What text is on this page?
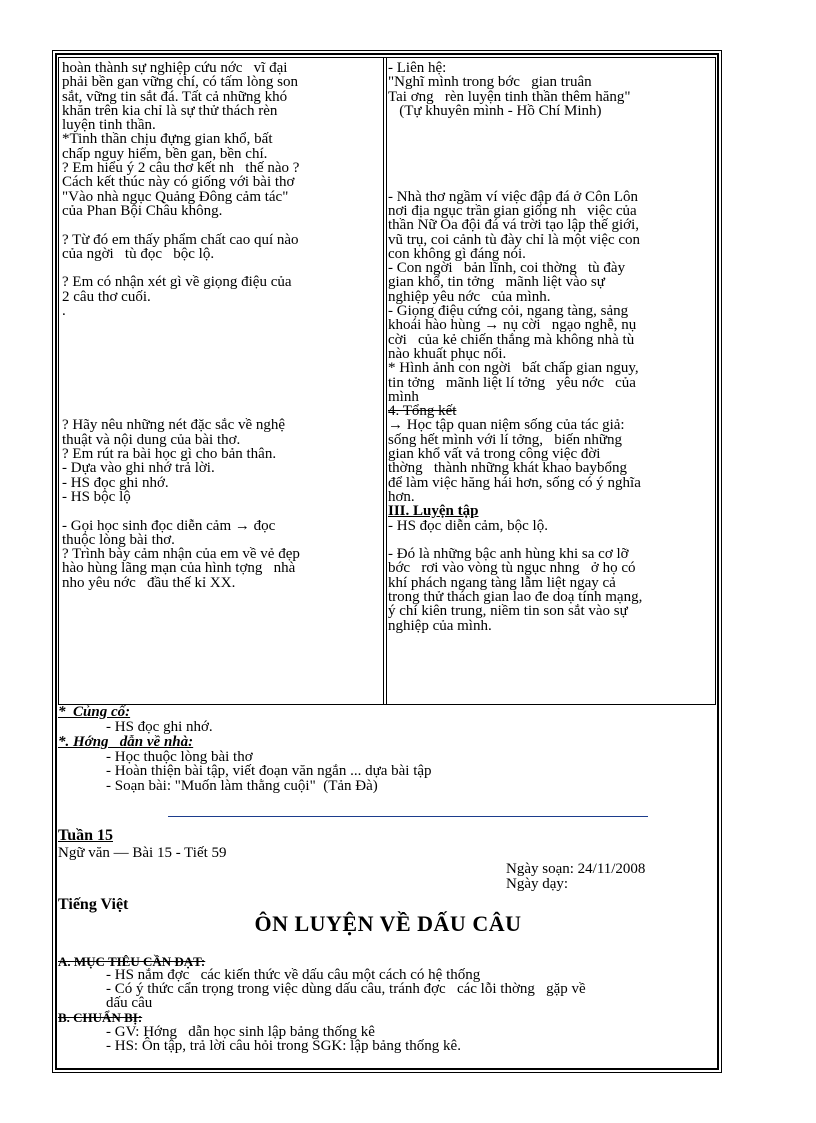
hoàn thành sự nghiệp cứu nớc   vĩ đại
phải bền gan vững chí, có tấm lòng son
sắt, vững tin sắt đá. Tất cả những khó
khăn trên kia chỉ là sự thử thách rèn
luyện tinh thần.
*Tinh thần chịu đựng gian khổ, bất
chấp nguy hiểm, bền gan, bền chí.
? Em hiểu ý 2 câu thơ kết nh   thế nào ?
Cách kết thúc này có giống với bài thơ
"Vào nhà ngục Quảng Đông cảm tác"
của Phan Bội Châu không.
? Từ đó em thấy phẩm chất cao quí nào
của ngời   tù đọc   bộc lộ.
? Em có nhận xét gì về giọng điệu của
2 câu thơ cuối.
.
? Hãy nêu những nét đặc sắc về nghệ
thuật và nội dung của bài thơ.
? Em rút ra bài học gì cho bản thân.
- Dựa vào ghi nhớ trả lời.
- HS đọc ghi nhớ.
- HS bộc lộ
- Gọi học sinh đọc diễn cảm → đọc
thuộc lòng bài thơ.
? Trình bày cảm nhận của em về vẻ đẹp
hào hùng lãng mạn của hình tợng   nhà
nho yêu nớc   đầu thế kỉ XX.
- Liên hệ:
"Nghĩ mình trong bớc   gian truân
Tai ơng   rèn luyện tinh thần thêm hăng"
(Tự khuyên mình - Hồ Chí Minh)
- Nhà thơ ngầm ví việc đập đá ở Côn Lôn
nơi địa ngục trần gian giống nh   việc của
thần Nữ Oa đội đá vá trời tạo lập thế giới,
vũ trụ, coi cảnh tù đày chỉ là một việc con
con không gì đáng nói.
- Con ngời   bản lĩnh, coi thờng   tù đày
gian khổ, tin tởng   mãnh liệt vào sự
nghiệp yêu nớc   của mình.
- Giọng điệu cứng cỏi, ngang tàng, sảng
khoái hào hùng → nụ cời   ngạo nghễ, nụ
cời   của kẻ chiến thắng mà không nhà tù
nào khuất phục nổi.
* Hình ảnh con ngời   bất chấp gian nguy,
tin tởng   mãnh liệt lí tởng   yêu nớc   của
mình
4. Tổng kết
→ Học tập quan niệm sống của tác giả:
sống hết mình với lí tởng,   biến những
gian khổ vất vả trong công việc đời
thờng   thành những khát khao baybổng
để làm việc hăng hái hơn, sống có ý nghĩa
hơn.
III. Luyện tập
- HS đọc diễn cảm, bộc lộ.
- Đó là những bậc anh hùng khi sa cơ lỡ
bớc   rơi vào vòng tù ngục nhng   ở họ có
khí phách ngang tàng lẫm liệt ngay cả
trong thử thách gian lao đe doạ tính mạng,
ý chí kiên trung, niềm tin son sắt vào sự
nghiệp của mình.
*  Củng cố:
- HS đọc ghi nhớ.
*. Hớng   dẫn về nhà:
- Học thuộc lòng bài thơ
- Hoàn thiện bài tập, viết đoạn văn ngắn ... dựa bài tập
- Soạn bài: "Muốn làm thằng cuội"  (Tản Đà)
Tuần 15
Ngữ văn — Bài 15 - Tiết 59
Ngày soạn: 24/11/2008
Ngày dạy:
Tiếng Việt
ÔN LUYỆN VỀ DẤU CÂU
A. MỤC TIÊU CẦN ĐẠT:
- HS nắm đợc   các kiến thức về dấu câu một cách có hệ thống
- Có ý thức cẩn trọng trong việc dùng dấu câu, tránh đợc   các lỗi thờng   gặp về
dấu câu
B. CHUẨN BỊ:
- GV: Hớng   dẫn học sinh lập bảng thống kê
- HS: Ôn tập, trả lời câu hỏi trong SGK: lập bảng thống kê.
